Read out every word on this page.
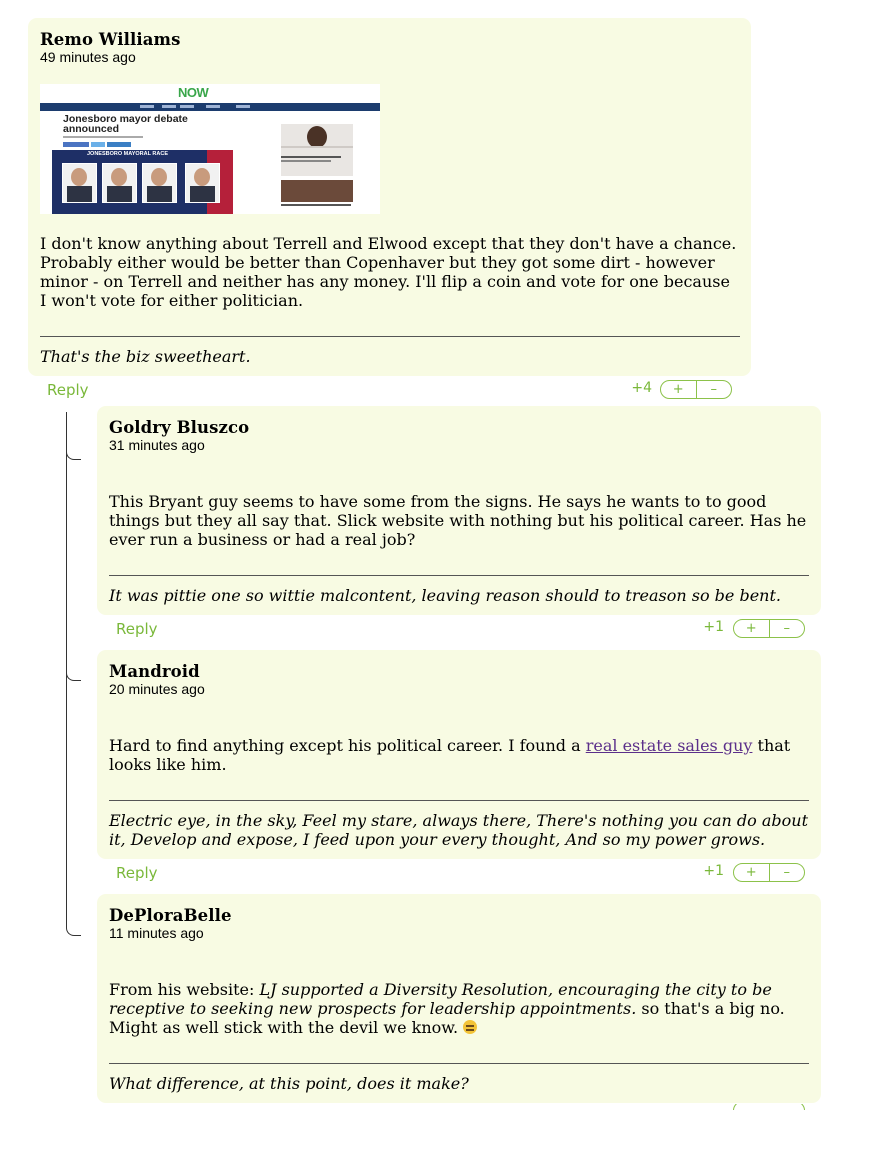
Remo Williams
49 minutes ago
NOW
Jonesboro mayor debate
announced
JONESBORO MAYORAL RACE
I don't know anything about Terrell and Elwood except that they don't have a chance.
Probably either would be better than Copenhaver but they got some dirt - however
minor - on Terrell and neither has any money. I'll flip a coin and vote for one because
I won't vote for either politician.
That's the biz sweetheart.
Reply	+4	+	–
Goldry Bluszco
31 minutes ago
This Bryant guy seems to have some from the signs. He says he wants to to good
things but they all say that. Slick website with nothing but his political career. Has he
ever run a business or had a real job?
It was pittie one so wittie malcontent, leaving reason should to treason so be bent.
Reply	+1	+	–
Mandroid
20 minutes ago
Hard to find anything except his political career. I found a real estate sales guy that
looks like him.
Electric eye, in the sky, Feel my stare, always there, There's nothing you can do about
it, Develop and expose, I feed upon your every thought, And so my power grows.
Reply	+1	+	–
DePloraBelle
11 minutes ago
From his website: LJ supported a Diversity Resolution, encouraging the city to be
receptive to seeking new prospects for leadership appointments. so that's a big no.
Might as well stick with the devil we know.
What difference, at this point, does it make?
